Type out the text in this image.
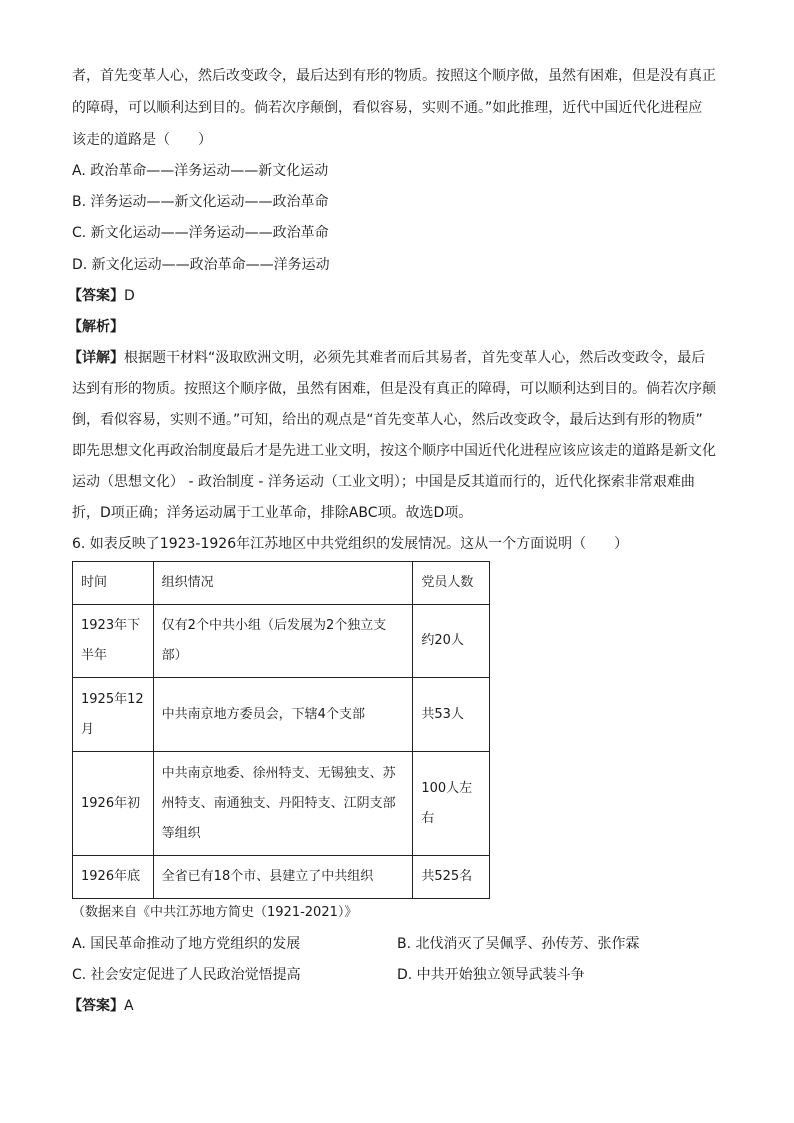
者，首先变革人心，然后改变政令，最后达到有形的物质。按照这个顺序做，虽然有困难，但是没有真正
的障碍，可以顺利达到目的。倘若次序颠倒，看似容易，实则不通。”如此推理，近代中国近代化进程应
该走的道路是（　　）
A. 政治革命——洋务运动——新文化运动
B. 洋务运动——新文化运动——政治革命
C. 新文化运动——洋务运动——政治革命
D. 新文化运动——政治革命——洋务运动
【答案】D
【解析】
【详解】根据题干材料“汲取欧洲文明，必须先其难者而后其易者，首先变革人心，然后改变政令，最后
达到有形的物质。按照这个顺序做，虽然有困难，但是没有真正的障碍，可以顺利达到目的。倘若次序颠
倒，看似容易，实则不通。”可知，给出的观点是“首先变革人心，然后改变政令，最后达到有形的物质”
即先思想文化再政治制度最后才是先进工业文明，按这个顺序中国近代化进程应该应该走的道路是新文化
运动（思想文化） - 政治制度 - 洋务运动（工业文明）；中国是反其道而行的，近代化探索非常艰难曲
折，D项正确；洋务运动属于工业革命，排除ABC项。故选D项。
6. 如表反映了1923-1926年江苏地区中共党组织的发展情况。这从一个方面说明（　　）
时间	组织情况	党员人数
1923年下半年	仅有2个中共小组（后发展为2个独立支部）	约20人
1925年12月	中共南京地方委员会，下辖4个支部	共53人
1926年初	中共南京地委、徐州特支、无锡独支、苏州特支、南通独支、丹阳特支、江阴支部等组织	100人左右
1926年底	全省已有18个市、县建立了中共组织	共525名
（数据来自《中共江苏地方简史（1921-2021）》
A. 国民革命推动了地方党组织的发展	B. 北伐消灭了吴佩孚、孙传芳、张作霖
C. 社会安定促进了人民政治觉悟提高	D. 中共开始独立领导武装斗争
【答案】A
